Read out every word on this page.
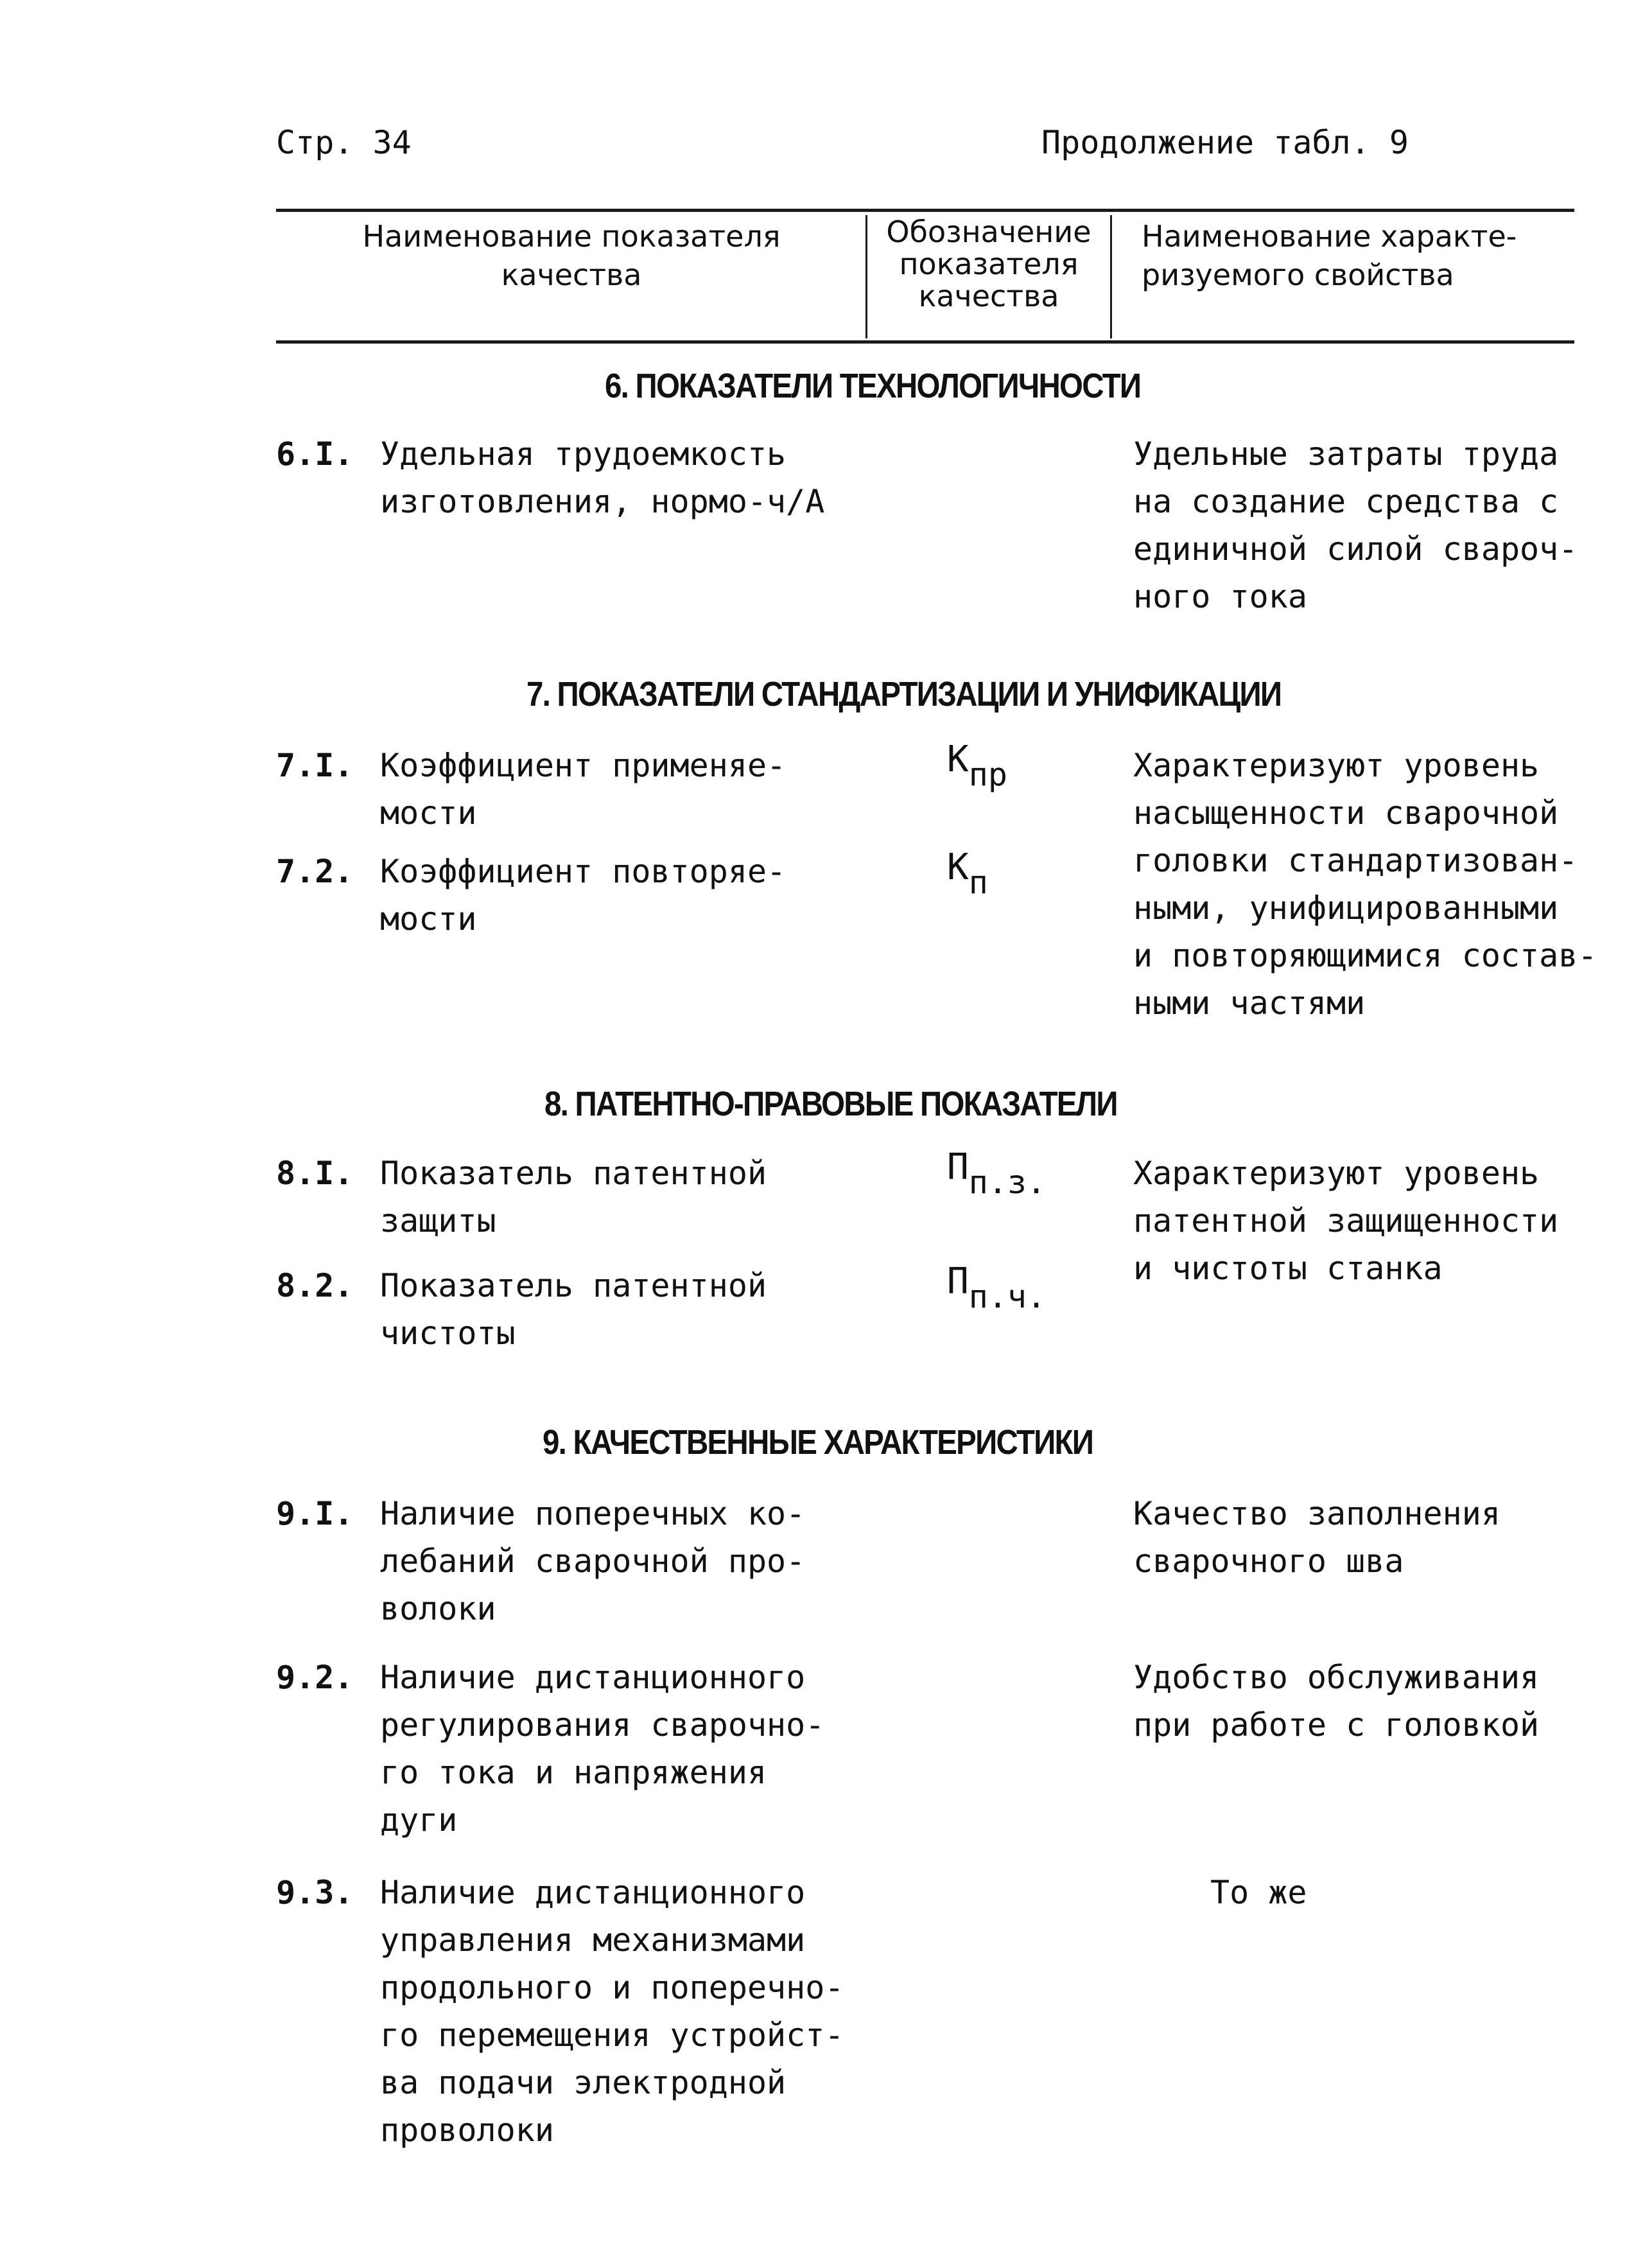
Стр. 34	Продолжение табл. 9
Наименование показателя
качества
Обозначение
показателя
качества
Наименование характе-
ризуемого свойства
6. ПОКАЗАТЕЛИ ТЕХНОЛОГИЧНОСТИ
6.I. Удельная трудоемкость
изготовления, нормо-ч/А
Удельные затраты труда
на создание средства с
единичной силой свароч-
ного тока
7. ПОКАЗАТЕЛИ СТАНДАРТИЗАЦИИ И УНИФИКАЦИИ
7.I. Коэффициент применяе-
мости
$К_{пр}$
7.2. Коэффициент повторяе-
мости
$К_п$
Характеризуют уровень
насыщенности сварочной
головки стандартизован-
ными, унифицированными
и повторяющимися состав-
ными частями
8. ПАТЕНТНО-ПРАВОВЫЕ ПОКАЗАТЕЛИ
8.I. Показатель патентной
защиты
$П_{п.з.}$
8.2. Показатель патентной
чистоты
$П_{п.ч.}$
Характеризуют уровень
патентной защищенности
и чистоты станка
9. КАЧЕСТВЕННЫЕ ХАРАКТЕРИСТИКИ
9.I. Наличие поперечных ко-
лебаний сварочной про-
волоки
Качество заполнения
сварочного шва
9.2. Наличие дистанционного
регулирования сварочно-
го тока и напряжения
дуги
Удобство обслуживания
при работе с головкой
9.3. Наличие дистанционного
управления механизмами
продольного и поперечно-
го перемещения устройст-
ва подачи электродной
проволоки
То же
